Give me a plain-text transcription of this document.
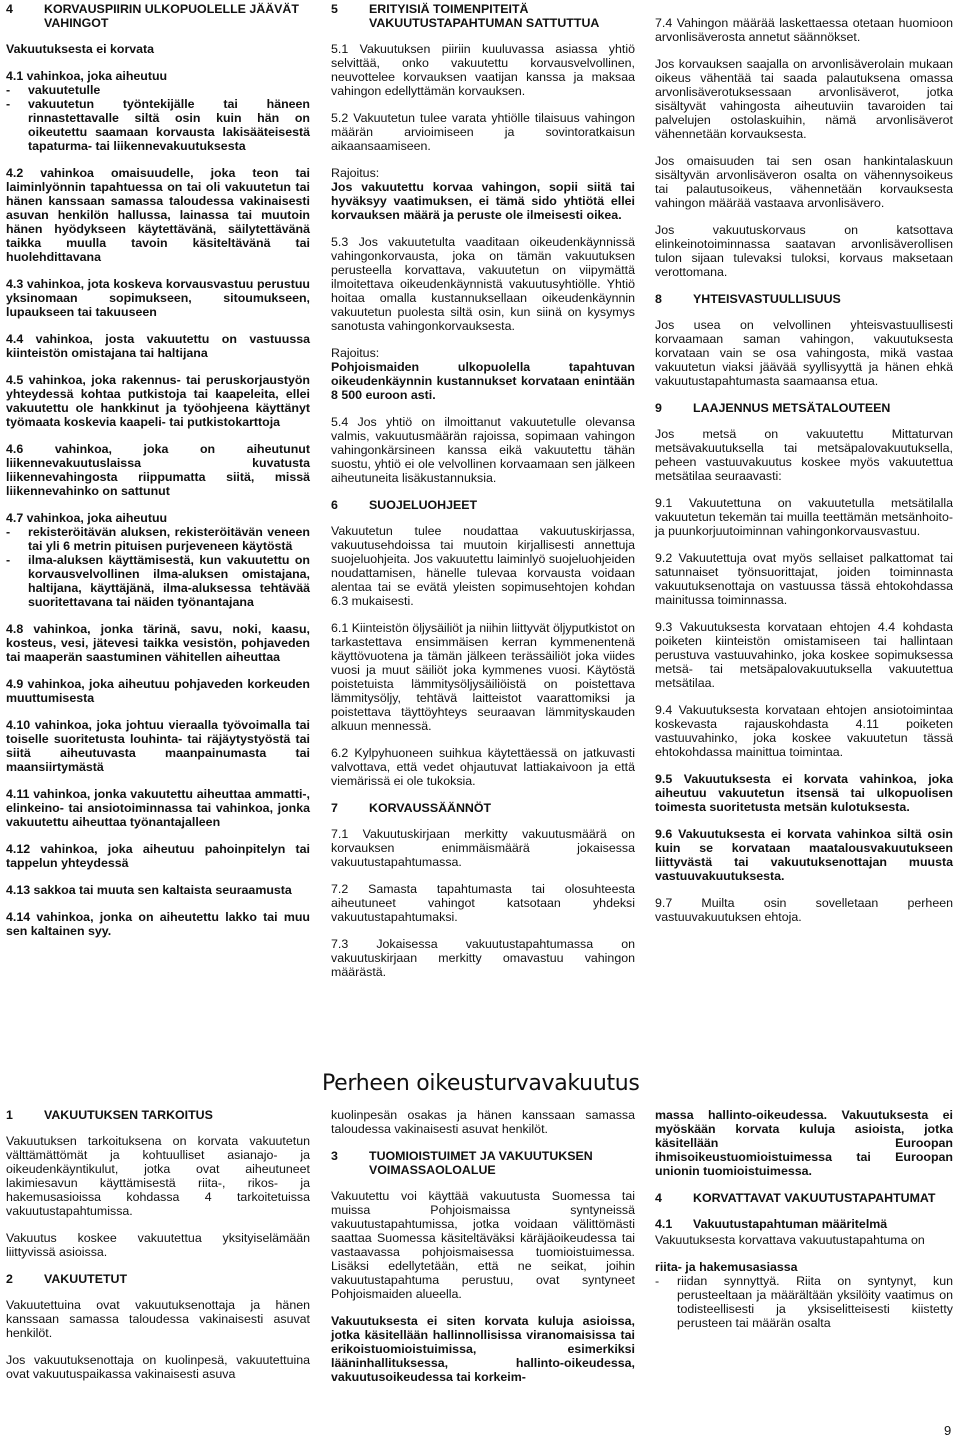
4	KORVAUSPIIRIN ULKOPUOLELLE JÄÄVÄT VAHINGOT
Vakuutuksesta ei korvata
4.1 vahinkoa, joka aiheutuu
-	vakuutetulle
-	vakuutetun työntekijälle tai häneen rinnastettavalle siltä osin kuin hän on oikeutettu saamaan korvausta lakisääteisestä tapaturma- tai liikennevakuutuksesta
4.2 vahinkoa omaisuudelle, joka teon tai laiminlyönnin tapahtuessa on tai oli vakuutetun tai hänen kanssaan samassa taloudessa vakinaisesti asuvan henkilön hallussa, lainassa tai muutoin hänen hyödykseen käytettävänä, säilytettävänä taikka muulla tavoin käsiteltävänä tai huolehdittavana
4.3 vahinkoa, jota koskeva korvausvastuu perustuu yksinomaan sopimukseen, sitoumukseen, lupaukseen tai takuuseen
4.4 vahinkoa, josta vakuutettu on vastuussa kiinteistön omistajana tai haltijana
4.5 vahinkoa, joka rakennus- tai peruskorjaustyön yhteydessä kohtaa putkistoja tai kaapeleita, ellei vakuutettu ole hankkinut ja työohjeena käyttänyt työmaata koskevia kaapeli- tai putkistokarttoja
4.6 vahinkoa, joka on aiheutunut liikennevakuutuslaissa kuvatusta liikennevahingosta riippumatta siitä, missä liikennevahinko on sattunut
4.7 vahinkoa, joka aiheutuu
-	rekisteröitävän aluksen, rekisteröitävän veneen tai yli 6 metrin pituisen purjeveneen käytöstä
-	ilma-aluksen käyttämisestä, kun vakuutettu on korvausvelvollinen ilma-aluksen omistajana, haltijana, käyttäjänä, ilma-aluksessa tehtävää suoritettavana tai näiden työnantajana
4.8 vahinkoa, jonka tärinä, savu, noki, kaasu, kosteus, vesi, jätevesi taikka vesistön, pohjaveden tai maaperän saastuminen vähitellen aiheuttaa
4.9 vahinkoa, joka aiheutuu pohjaveden korkeuden muuttumisesta
4.10 vahinkoa, joka johtuu vieraalla työvoimalla tai toiselle suoritetusta louhinta- tai räjäytystyöstä tai siitä aiheutuvasta maanpainumasta tai maansiirtymästä
4.11 vahinkoa, jonka vakuutettu aiheuttaa ammatti-, elinkeino- tai ansiotoiminnassa tai vahinkoa, jonka vakuutettu aiheuttaa työnantajalleen
4.12 vahinkoa, joka aiheutuu pahoinpitelyn tai tappelun yhteydessä
4.13 sakkoa tai muuta sen kaltaista seuraamusta
4.14 vahinkoa, jonka on aiheutettu lakko tai muu sen kaltainen syy.
5	ERITYISIÄ TOIMENPITEITÄ VAKUUTUSTAPAHTUMAN SATTUTTUA
5.1 Vakuutuksen piiriin kuuluvassa asiassa yhtiö selvittää, onko vakuutettu korvausvelvollinen, neuvottelee korvauksen vaatijan kanssa ja maksaa vahingon edellyttämän korvauksen.
5.2 Vakuutetun tulee varata yhtiölle tilaisuus vahingon määrän arvioimiseen ja sovintoratkaisun aikaansaamiseen.
Rajoitus:
Jos vakuutettu korvaa vahingon, sopii siitä tai hyväksyy vaatimuksen, ei tämä sido yhtiötä ellei korvauksen määrä ja peruste ole ilmeisesti oikea.
5.3 Jos vakuutetulta vaaditaan oikeudenkäynnissä vahingonkorvausta, joka on tämän vakuutuksen perusteella korvattava, vakuutetun on viipymättä ilmoitettava oikeudenkäynnistä vakuutusyhtiölle. Yhtiö hoitaa omalla kustannuksellaan oikeudenkäynnin vakuutetun puolesta siltä osin, kun siinä on kysymys sanotusta vahingonkorvauksesta.
Rajoitus:
Pohjoismaiden ulkopuolella tapahtuvan oikeudenkäynnin kustannukset korvataan enintään 8 500 euroon asti.
5.4 Jos yhtiö on ilmoittanut vakuutetulle olevansa valmis, vakuutusmäärän rajoissa, sopimaan vahingon vahingonkärsineen kanssa eikä vakuutettu tähän suostu, yhtiö ei ole velvollinen korvaamaan sen jälkeen aiheutuneita lisäkustannuksia.
6	SUOJELUOHJEET
Vakuutetun tulee noudattaa vakuutuskirjassa, vakuutusehdoissa tai muutoin kirjallisesti annettuja suojeluohjeita. Jos vakuutettu laiminlyö suojeluohjeiden noudattamisen, hänelle tulevaa korvausta voidaan alentaa tai se evätä yleisten sopimusehtojen kohdan 6.3 mukaisesti.
6.1 Kiinteistön öljysäiliöt ja niihin liittyvät öljyputkistot on tarkastettava ensimmäisen kerran kymmenentenä käyttövuotena ja tämän jälkeen terässäiliöt joka viides vuosi ja muut säiliöt joka kymmenes vuosi. Käytöstä poistetuista lämmitysöljysäiliöistä on poistettava lämmitysöljy, tehtävä laitteistot vaarattomiksi ja poistettava täyttöyhteys seuraavan lämmityskauden alkuun mennessä.
6.2 Kylpyhuoneen suihkua käytettäessä on jatkuvasti valvottava, että vedet ohjautuvat lattiakaivoon ja että viemärissä ei ole tukoksia.
7	KORVAUSSÄÄNNÖT
7.1 Vakuutuskirjaan merkitty vakuutusmäärä on korvauksen enimmäismäärä jokaisessa vakuutustapahtumassa.
7.2 Samasta tapahtumasta tai olosuhteesta aiheutuneet vahingot katsotaan yhdeksi vakuutustapahtumaksi.
7.3 Jokaisessa vakuutustapahtumassa on vakuutuskirjaan merkitty omavastuu vahingon määrästä.
7.4 Vahingon määrää laskettaessa otetaan huomioon arvonlisäverosta annetut säännökset.
Jos korvauksen saajalla on arvonlisäverolain mukaan oikeus vähentää tai saada palautuksena omassa arvonlisäverotuksessaan arvonlisäverot, jotka sisältyvät vahingosta aiheutuviin tavaroiden tai palvelujen ostolaskuihin, nämä arvonlisäverot vähennetään korvauksesta.
Jos omaisuuden tai sen osan hankintalaskuun sisältyvän arvonlisäveron osalta on vähennysoikeus tai palautusoikeus, vähennetään korvauksesta vahingon määrää vastaava arvonlisävero.
Jos vakuutuskorvaus on katsottava elinkeinotoiminnassa saatavan arvonlisäverollisen tulon sijaan tulevaksi tuloksi, korvaus maksetaan verottomana.
8	YHTEISVASTUULLISUUS
Jos usea on velvollinen yhteisvastuullisesti korvaamaan saman vahingon, vakuutuksesta korvataan vain se osa vahingosta, mikä vastaa vakuutetun viaksi jäävää syyllisyyttä ja hänen ehkä vakuutustapahtumasta saamaansa etua.
9	LAAJENNUS METSÄTALOUTEEN
Jos metsä on vakuutettu Mittaturvan metsävakuutuksella tai metsäpalovakuutuksella, peheen vastuuvakuutus koskee myös vakuutettua metsätilaa seuraavasti:
9.1 Vakuutettuna on vakuutetulla metsätilalla vakuutetun tekemän tai muilla teettämän metsänhoito- ja puunkorjuutoiminnan vahingonkorvausvastuu.
9.2 Vakuutettuja ovat myös sellaiset palkattomat tai satunnaiset työnsuorittajat, joiden toiminnasta vakuutuksenottaja on vastuussa tässä ehtokohdassa mainitussa toiminnassa.
9.3 Vakuutuksesta korvataan ehtojen 4.4 kohdasta poiketen kiinteistön omistamiseen tai hallintaan perustuva vastuuvahinko, joka koskee sopimuksessa metsä- tai metsäpalovakuutuksella vakuutettua metsätilaa.
9.4 Vakuutuksesta korvataan ehtojen ansiotoimintaa koskevasta rajauskohdasta 4.11 poiketen vastuuvahinko, joka koskee vakuutetun tässä ehtokohdassa mainittua toimintaa.
9.5 Vakuutuksesta ei korvata vahinkoa, joka aiheutuu vakuutetun itsensä tai ulkopuolisen toimesta suoritetusta metsän kulotuksesta.
9.6 Vakuutuksesta ei korvata vahinkoa siltä osin kuin se korvataan maatalousvakuutukseen liittyvästä tai vakuutuksenottajan muusta vastuuvakuutuksesta.
9.7 Muilta osin sovelletaan perheen vastuuvakuutuksen ehtoja.
Perheen oikeusturvavakuutus
1	VAKUUTUKSEN TARKOITUS
Vakuutuksen tarkoituksena on korvata vakuutetun välttämättömät ja kohtuulliset asianajo- ja oikeudenkäyntikulut, jotka ovat aiheutuneet lakimiesavun käyttämisestä riita-, rikos- ja hakemusasioissa kohdassa 4 tarkoitetuissa vakuutustapahtumissa.
Vakuutus koskee vakuutettua yksityiselämään liittyvissä asioissa.
2	VAKUUTETUT
Vakuutettuina ovat vakuutuksenottaja ja hänen kanssaan samassa taloudessa vakinaisesti asuvat henkilöt.
Jos vakuutuksenottaja on kuolinpesä, vakuutettuina ovat vakuutuspaikassa vakinaisesti asuva
kuolinpesän osakas ja hänen kanssaan samassa taloudessa vakinaisesti asuvat henkilöt.
3	TUOMIOISTUIMET JA VAKUUTUKSEN VOIMASSAOLOALUE
Vakuutettu voi käyttää vakuutusta Suomessa tai muissa Pohjoismaissa syntyneissä vakuutustapahtumissa, jotka voidaan välittömästi saattaa Suomessa käsiteltäväksi käräjäoikeudessa tai vastaavassa pohjoismaisessa tuomioistuimessa. Lisäksi edellytetään, että ne seikat, joihin vakuutustapahtuma perustuu, ovat syntyneet Pohjoismaiden alueella.
Vakuutuksesta ei siten korvata kuluja asioissa, jotka käsitellään hallinnollisissa viranomaisissa tai erikoistuomioistuimissa, esimerkiksi lääninhallituksessa, hallinto-oikeudessa, vakuutusoikeudessa tai korkeim-
massa hallinto-oikeudessa. Vakuutuksesta ei myöskään korvata kuluja asioista, jotka käsitellään Euroopan ihmisoikeustuomioistuimessa tai Euroopan unionin tuomioistuimessa.
4	KORVATTAVAT VAKUUTUSTAPAHTUMAT
4.1	Vakuutustapahtuman määritelmä
Vakuutuksesta korvattava vakuutustapahtuma on
riita- ja hakemusasiassa
-	riidan synnyttyä. Riita on syntynyt, kun perusteeltaan ja määrältään yksilöity vaatimus on todisteellisesti ja yksiselitteisesti kiistetty perusteen tai määrän osalta
9
